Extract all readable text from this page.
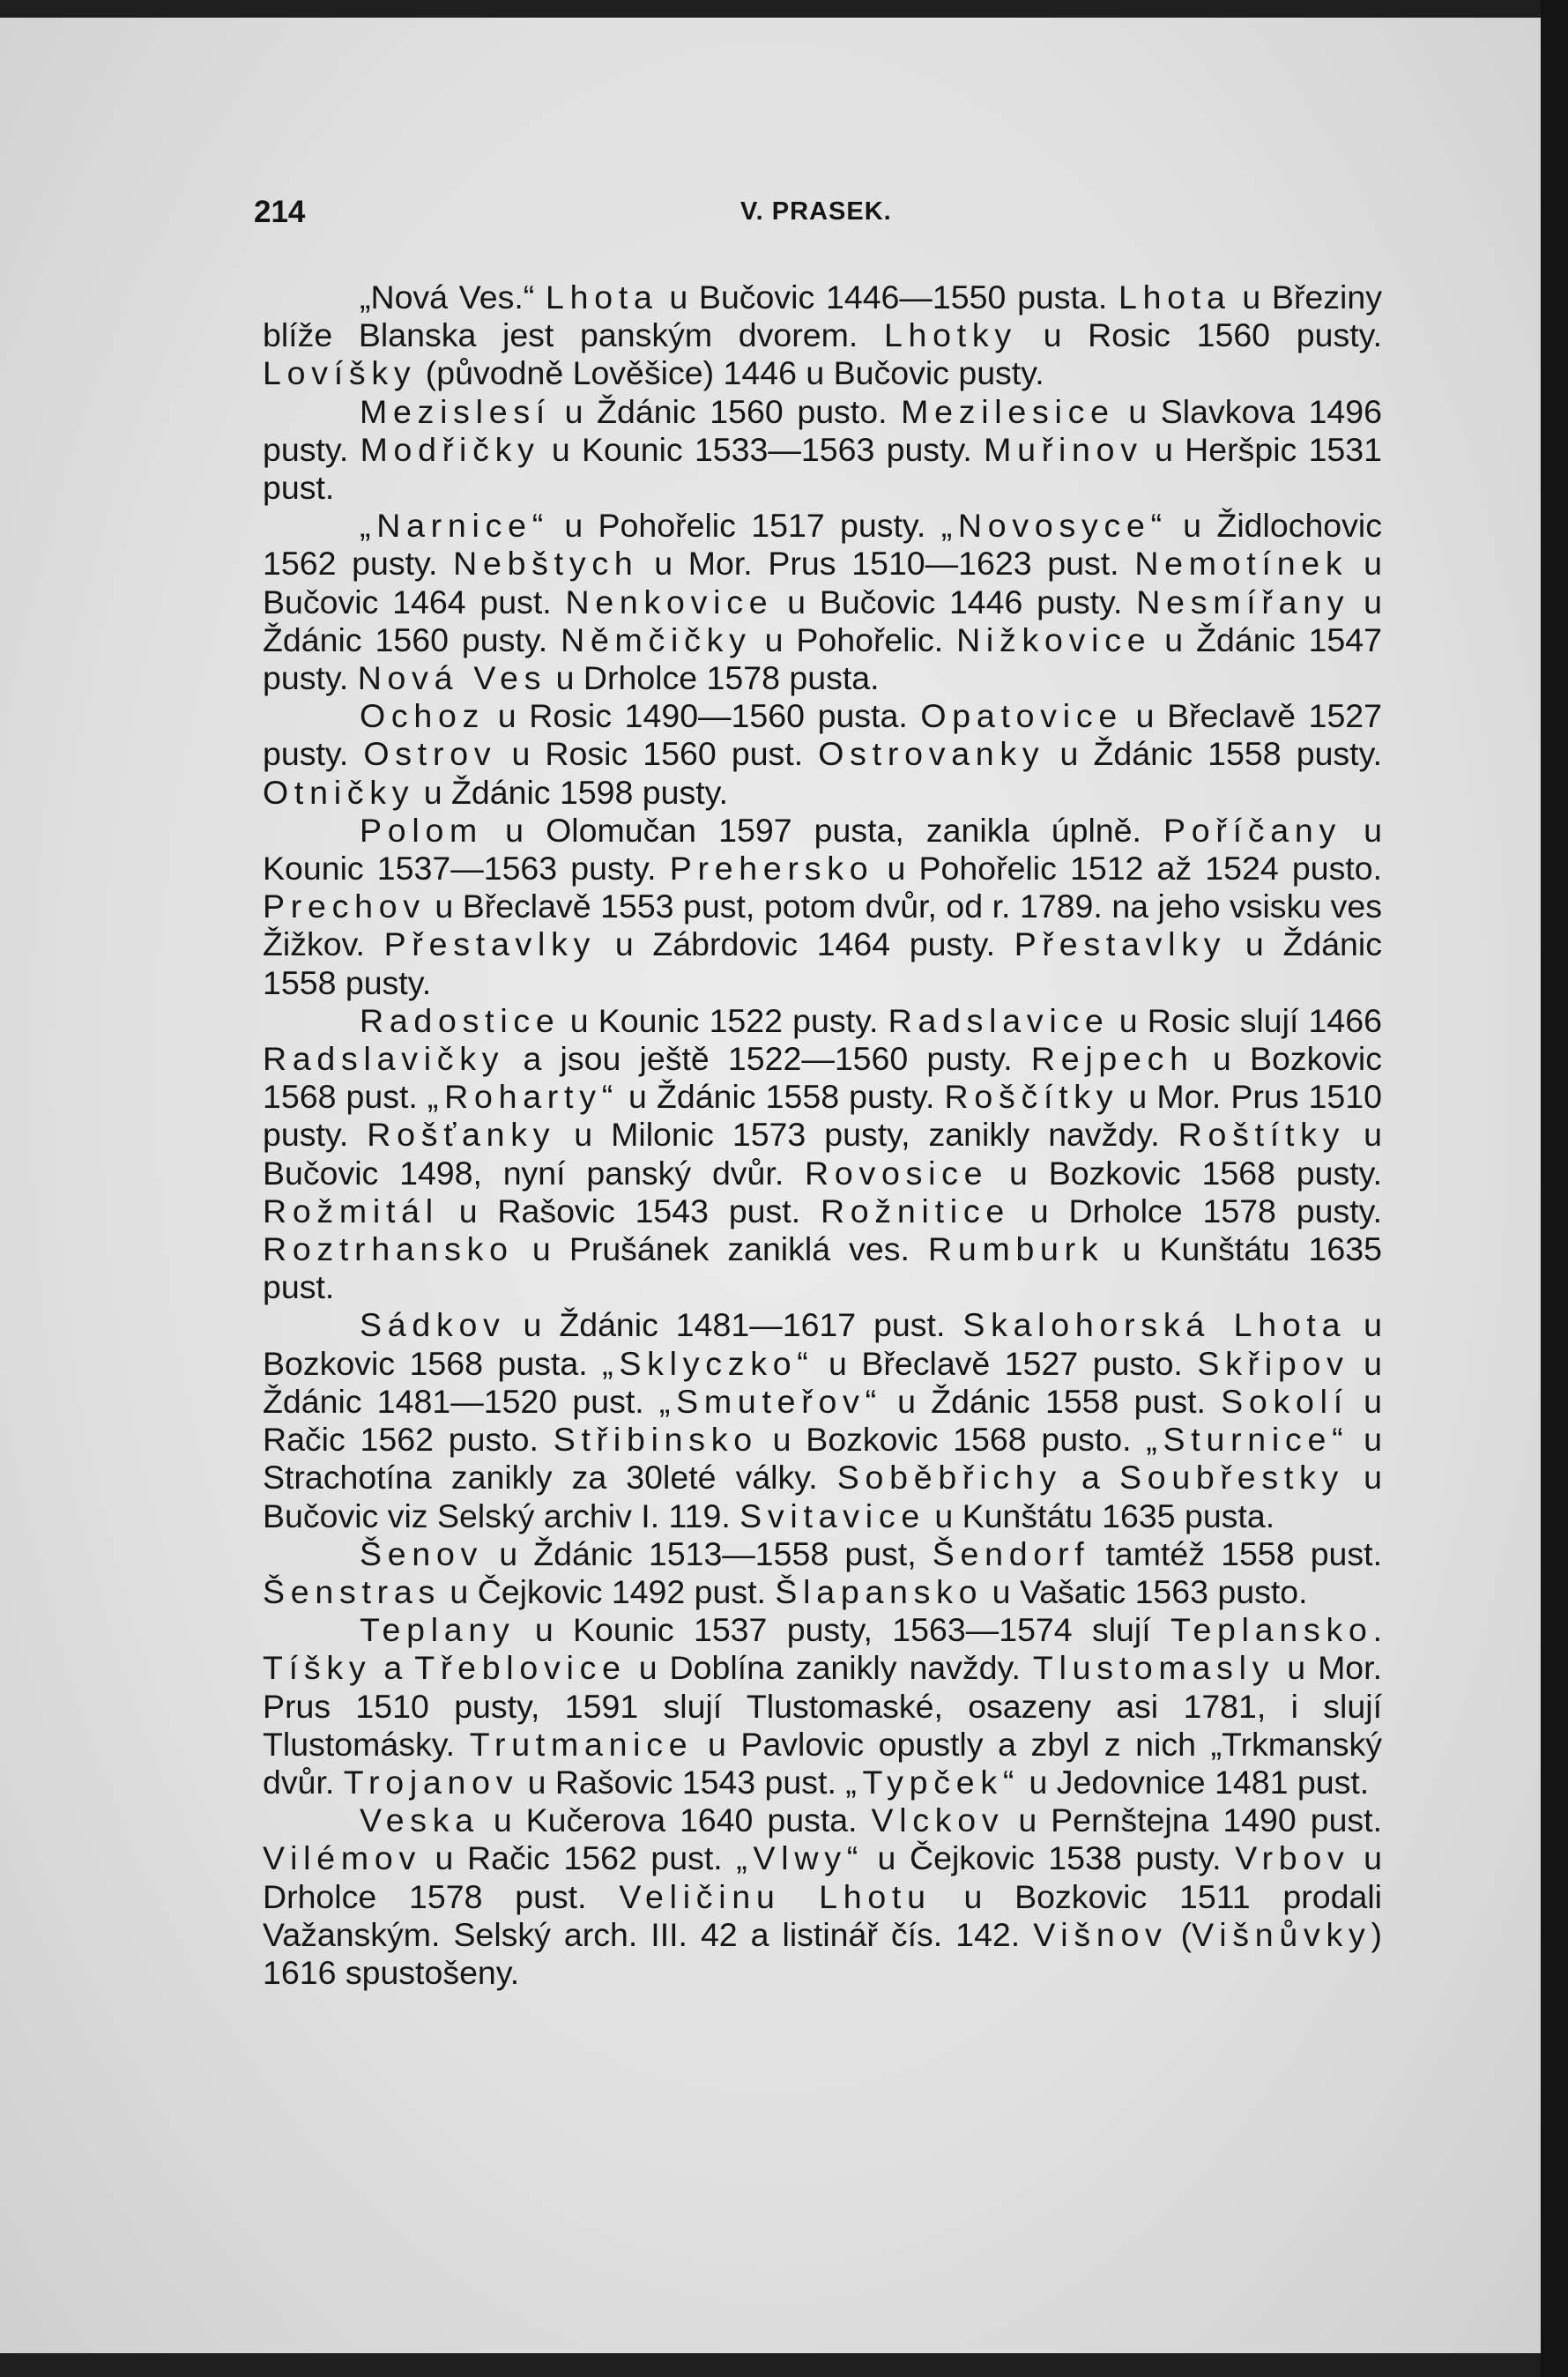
214	V. PRASEK.

„Nová Ves.“ Lhota u Bučovic 1446—1550 pusta. Lhota u Březiny blíže Blanska jest panským dvorem. Lhotky u Rosic 1560 pusty. Lovíšky (původně Lověšice) 1446 u Bučovic pusty.

Mezislesí u Ždánic 1560 pusto. Mezilesice u Slavkova 1496 pusty. Modřičky u Kounic 1533—1563 pusty. Muřinov u Heršpic 1531 pust.

„Narnice“ u Pohořelic 1517 pusty. „Novosyce“ u Židlochovic 1562 pusty. Nebštych u Mor. Prus 1510—1623 pust. Nemotínek u Bučovic 1464 pust. Nenkovice u Bučovic 1446 pusty. Nesmířany u Ždánic 1560 pusty. Němčičky u Pohořelic. Nižkovice u Ždánic 1547 pusty. Nová Ves u Drholce 1578 pusta.

Ochoz u Rosic 1490—1560 pusta. Opatovice u Břeclavě 1527 pusty. Ostrov u Rosic 1560 pust. Ostrovanky u Ždánic 1558 pusty. Otničky u Ždánic 1598 pusty.

Polom u Olomučan 1597 pusta, zanikla úplně. Poříčany u Kounic 1537—1563 pusty. Prehersko u Pohořelic 1512 až 1524 pusto. Prechov u Břeclavě 1553 pust, potom dvůr, od r. 1789. na jeho vsisku ves Žižkov. Přestavlky u Zábrdovic 1464 pusty. Přestavlky u Ždánic 1558 pusty.

Radostice u Kounic 1522 pusty. Radslavice u Rosic slují 1466 Radslavičky a jsou ještě 1522—1560 pusty. Rejpech u Bozkovic 1568 pust. „Roharty“ u Ždánic 1558 pusty. Roščítky u Mor. Prus 1510 pusty. Rošťanky u Milonic 1573 pusty, zanikly navždy. Roštítky u Bučovic 1498, nyní panský dvůr. Rovosice u Bozkovic 1568 pusty. Rožmitál u Rašovic 1543 pust. Rožnitice u Drholce 1578 pusty. Roztrhansko u Prušánek zaniklá ves. Rumburk u Kunštátu 1635 pust.

Sádkov u Ždánic 1481—1617 pust. Skalohorská Lhota u Bozkovic 1568 pusta. „Sklyczko“ u Břeclavě 1527 pusto. Skřipov u Ždánic 1481—1520 pust. „Smuteřov“ u Ždánic 1558 pust. Sokolí u Račic 1562 pusto. Střibinsko u Bozkovic 1568 pusto. „Sturnice“ u Strachotína zanikly za 30leté války. Soběbřichy a Soubřestky u Bučovic viz Selský archiv I. 119. Svitavice u Kunštátu 1635 pusta.

Šenov u Ždánic 1513—1558 pust, Šendorf tamtéž 1558 pust. Šenstras u Čejkovic 1492 pust. Šlapansko u Vašatic 1563 pusto.

Teplany u Kounic 1537 pusty, 1563—1574 slují Teplansko. Tíšky a Třeblovice u Doblína zanikly navždy. Tlustomasly u Mor. Prus 1510 pusty, 1591 slují Tlustomaské, osazeny asi 1781, i slují Tlustomásky. Trutmanice u Pavlovic opustly a zbyl z nich „Trkmanský dvůr. Trojanov u Rašovic 1543 pust. „Typček“ u Jedovnice 1481 pust.

Veska u Kučerova 1640 pusta. Vlckov u Pernštejna 1490 pust. Vilémov u Račic 1562 pust. „Vlwy“ u Čejkovic 1538 pusty. Vrbov u Drholce 1578 pust. Veličinu Lhotu u Bozkovic 1511 prodali Važanským. Selský arch. III. 42 a listinář čís. 142. Višnov (Višnůvky) 1616 spustošeny.
